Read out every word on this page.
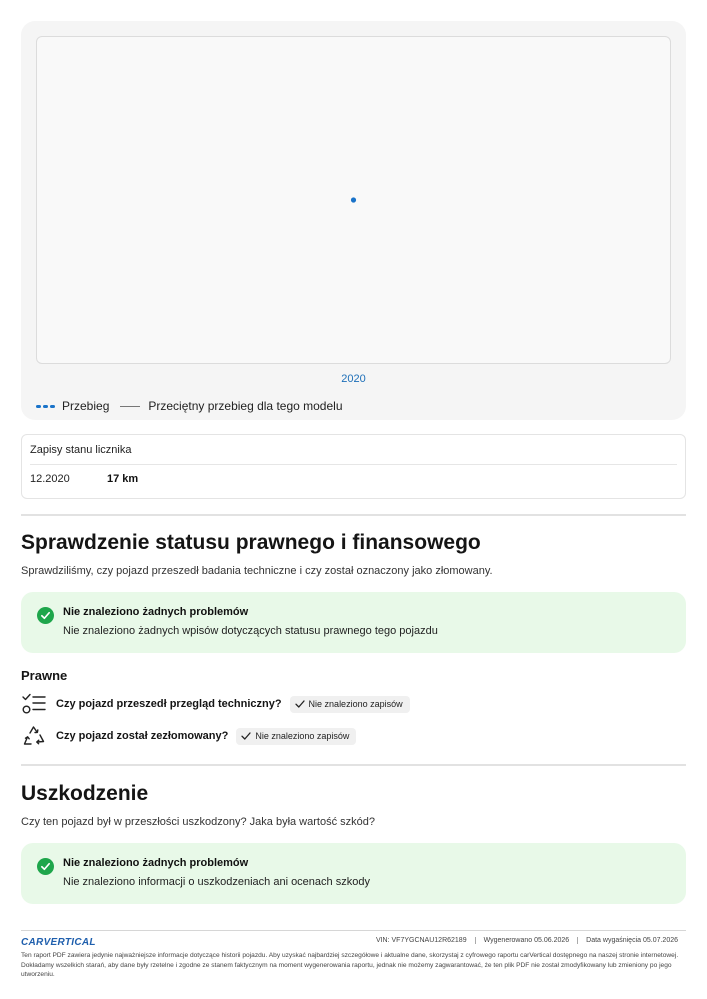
2020
Przebieg	Przeciętny przebieg dla tego modelu
Zapisy stanu licznika
12.2020	17 km
Sprawdzenie statusu prawnego i finansowego
Sprawdziliśmy, czy pojazd przeszedł badania techniczne i czy został oznaczony jako złomowany.
Nie znaleziono żadnych problemów
Nie znaleziono żadnych wpisów dotyczących statusu prawnego tego pojazdu
Prawne
Czy pojazd przeszedł przegląd techniczny?	Nie znaleziono zapisów
Czy pojazd został zezłomowany?	Nie znaleziono zapisów
Uszkodzenie
Czy ten pojazd był w przeszłości uszkodzony? Jaka była wartość szkód?
Nie znaleziono żadnych problemów
Nie znaleziono informacji o uszkodzeniach ani ocenach szkody
CARVERTICAL	VIN: VF7YGCNAU12R62189	Wygenerowano 05.06.2026	Data wygaśnięcia 05.07.2026
Ten raport PDF zawiera jedynie najważniejsze informacje dotyczące historii pojazdu. Aby uzyskać najbardziej szczegółowe i aktualne dane, skorzystaj z cyfrowego raportu carVertical dostępnego na naszej stronie internetowej. Dokładamy wszelkich starań, aby dane były rzetelne i zgodne ze stanem faktycznym na moment wygenerowania raportu, jednak nie możemy zagwarantować, że ten plik PDF nie został zmodyfikowany lub zmieniony po jego utworzeniu.
